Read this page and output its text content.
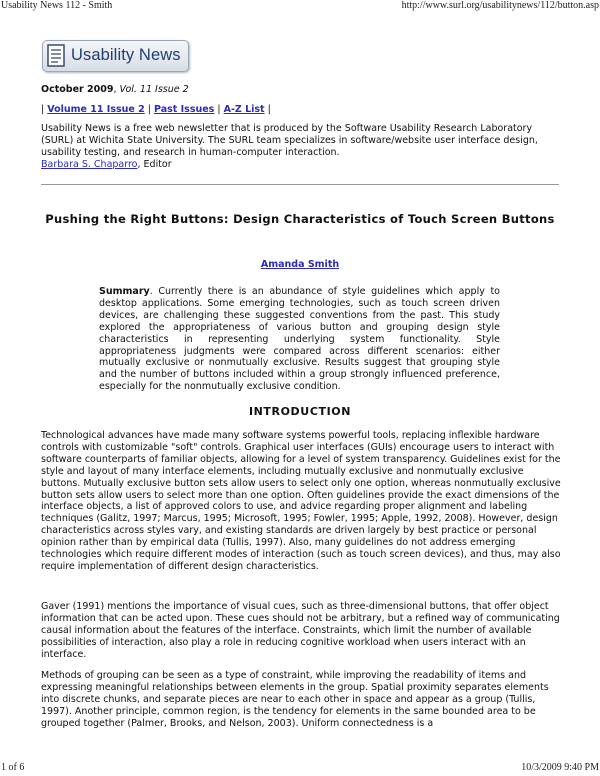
Usability News 112 - Smith	http://www.surl.org/usabilitynews/112/button.asp
Usability News
October 2009, Vol. 11 Issue 2
| Volume 11 Issue 2 | Past Issues | A-Z List |
Usability News is a free web newsletter that is produced by the Software Usability Research Laboratory (SURL) at Wichita State University. The SURL team specializes in software/website user interface design, usability testing, and research in human-computer interaction.
Barbara S. Chaparro, Editor
Pushing the Right Buttons: Design Characteristics of Touch Screen Buttons
Amanda Smith
Summary. Currently there is an abundance of style guidelines which apply to desktop applications. Some emerging technologies, such as touch screen driven devices, are challenging these suggested conventions from the past. This study explored the appropriateness of various button and grouping design style characteristics in representing underlying system functionality. Style appropriateness judgments were compared across different scenarios: either mutually exclusive or nonmutually exclusive. Results suggest that grouping style and the number of buttons included within a group strongly influenced preference, especially for the nonmutually exclusive condition.
INTRODUCTION
Technological advances have made many software systems powerful tools, replacing inflexible hardware controls with customizable "soft" controls. Graphical user interfaces (GUIs) encourage users to interact with software counterparts of familiar objects, allowing for a level of system transparency. Guidelines exist for the style and layout of many interface elements, including mutually exclusive and nonmutually exclusive buttons. Mutually exclusive button sets allow users to select only one option, whereas nonmutually exclusive button sets allow users to select more than one option. Often guidelines provide the exact dimensions of the interface objects, a list of approved colors to use, and advice regarding proper alignment and labeling techniques (Galitz, 1997; Marcus, 1995; Microsoft, 1995; Fowler, 1995; Apple, 1992, 2008). However, design characteristics across styles vary, and existing standards are driven largely by best practice or personal opinion rather than by empirical data (Tullis, 1997). Also, many guidelines do not address emerging technologies which require different modes of interaction (such as touch screen devices), and thus, may also require implementation of different design characteristics.
Gaver (1991) mentions the importance of visual cues, such as three-dimensional buttons, that offer object information that can be acted upon. These cues should not be arbitrary, but a refined way of communicating causal information about the features of the interface. Constraints, which limit the number of available possibilities of interaction, also play a role in reducing cognitive workload when users interact with an interface.
Methods of grouping can be seen as a type of constraint, while improving the readability of items and expressing meaningful relationships between elements in the group. Spatial proximity separates elements into discrete chunks, and separate pieces are near to each other in space and appear as a group (Tullis, 1997). Another principle, common region, is the tendency for elements in the same bounded area to be grouped together (Palmer, Brooks, and Nelson, 2003). Uniform connectedness is a
1 of 6	10/3/2009 9:40 PM
